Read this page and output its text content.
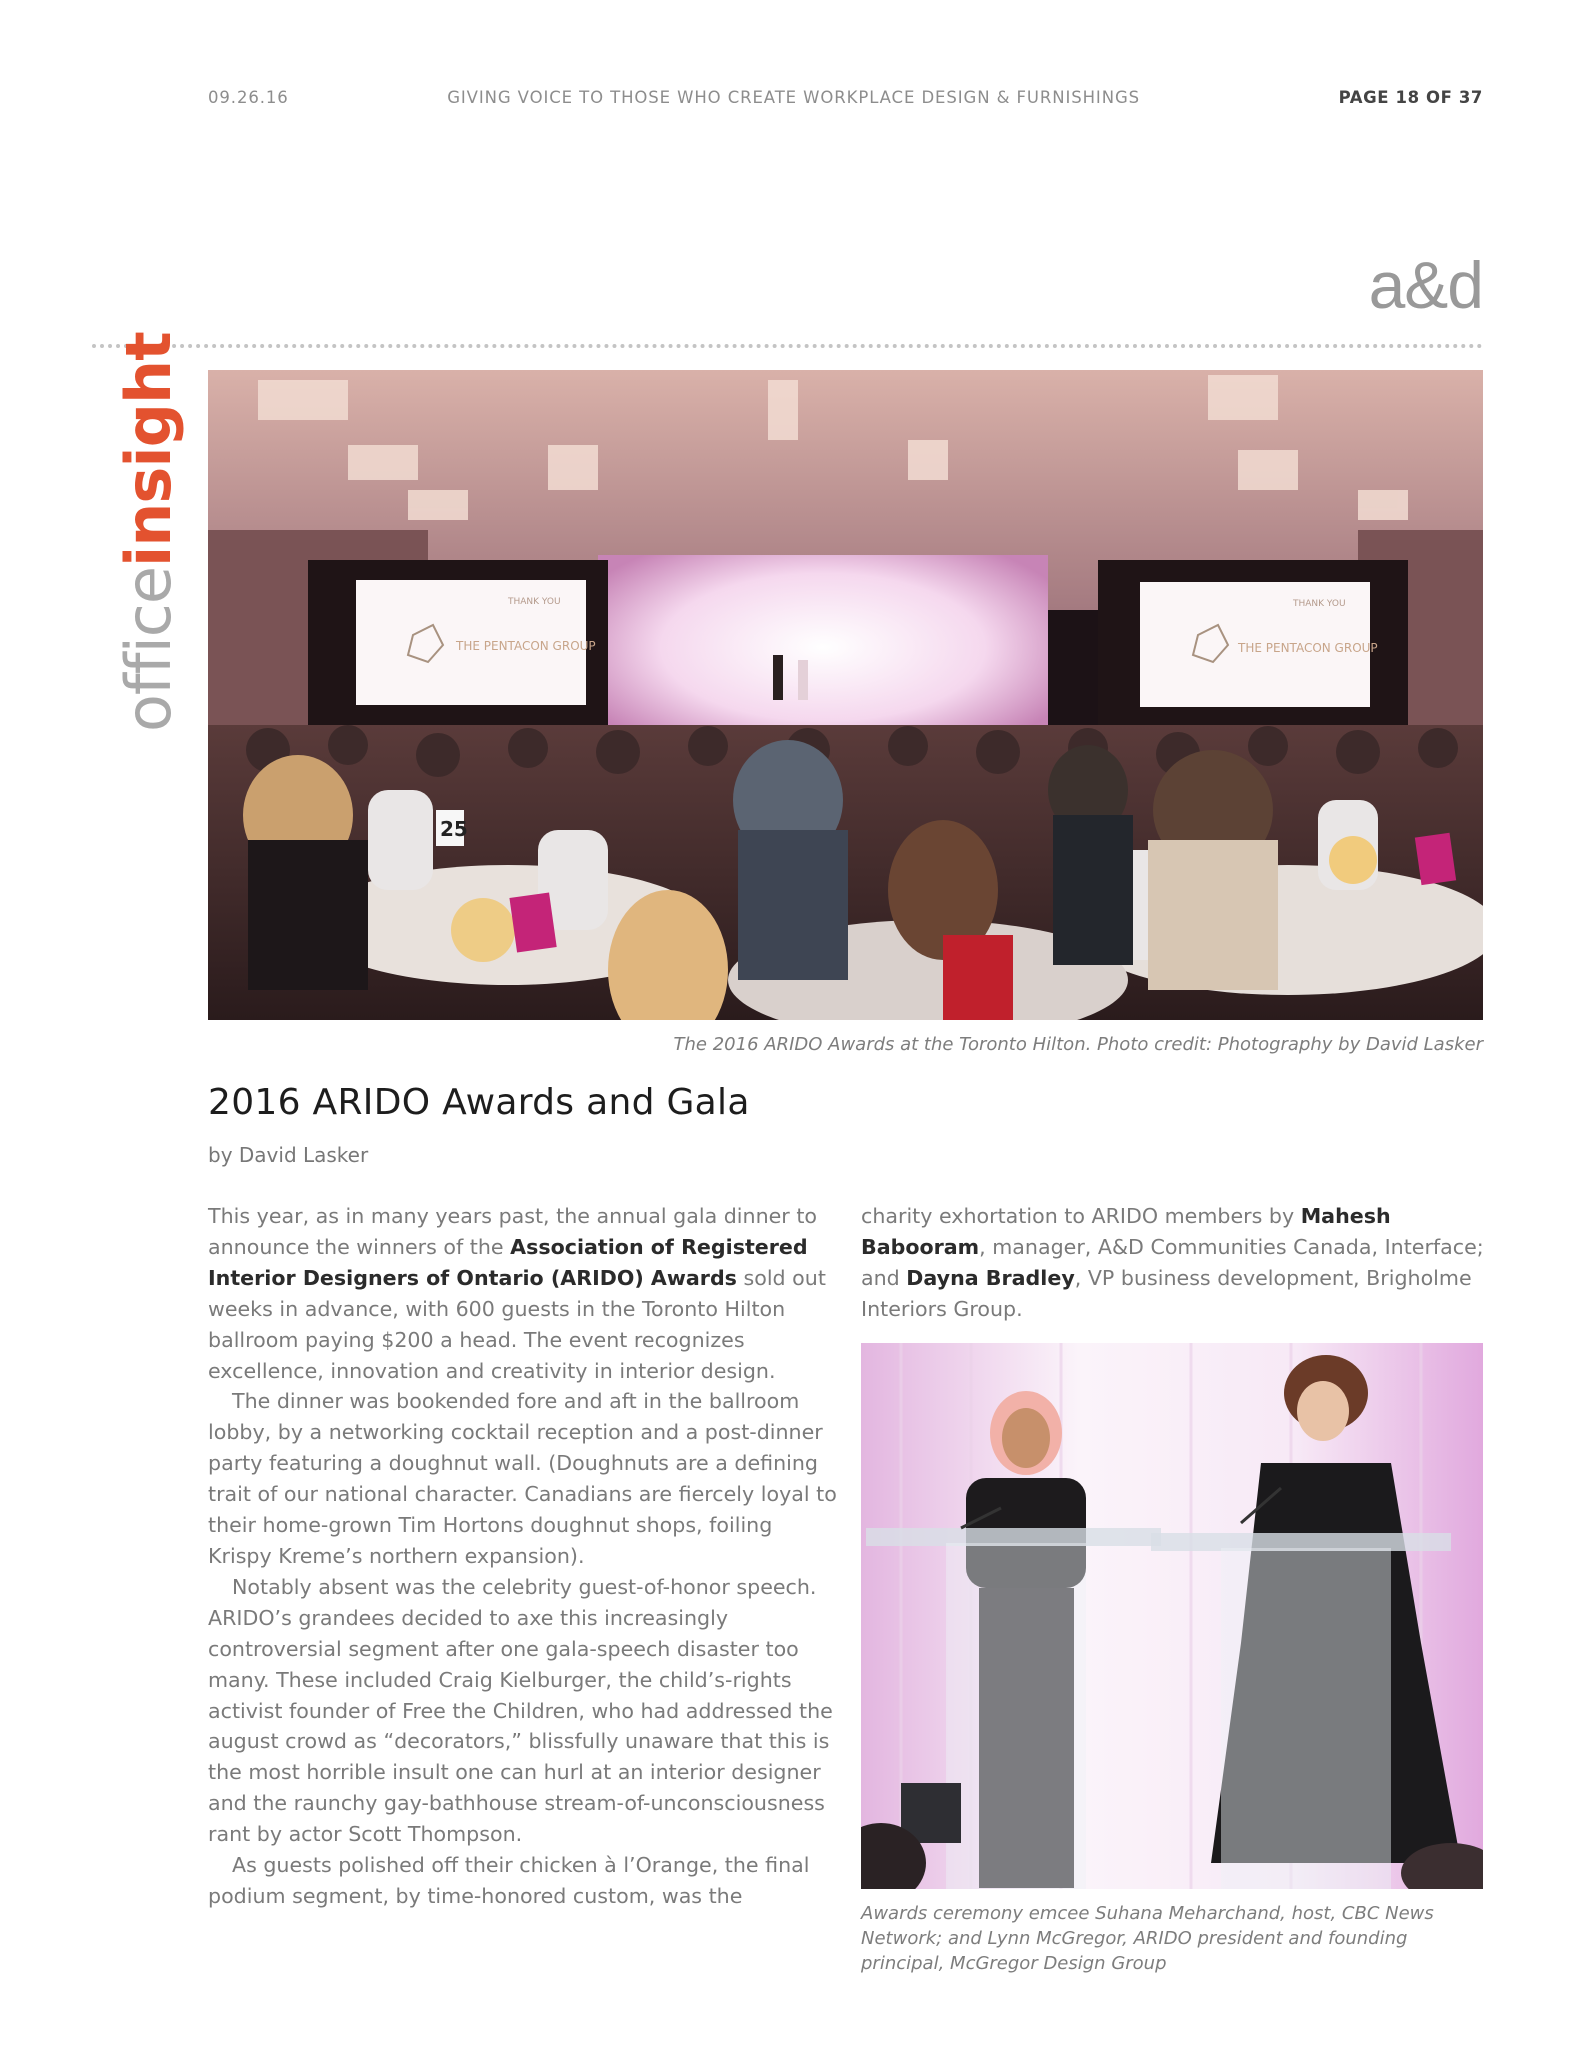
09.26.16	GIVING VOICE TO THOSE WHO CREATE WORKPLACE DESIGN & FURNISHINGS	PAGE 18 OF 37
a&d
officeinsight
THANK YOU	THANK YOU
THE PENTACON GROUP	THE PENTACON GROUP
25
The 2016 ARIDO Awards at the Toronto Hilton. Photo credit: Photography by David Lasker
2016 ARIDO Awards and Gala
by David Lasker

This year, as in many years past, the annual gala dinner to announce the winners of the Association of Registered Interior Designers of Ontario (ARIDO) Awards sold out weeks in advance, with 600 guests in the Toronto Hilton ballroom paying $200 a head. The event recognizes excellence, innovation and creativity in interior design.

The dinner was bookended fore and aft in the ballroom lobby, by a networking cocktail reception and a post-dinner party featuring a doughnut wall. (Doughnuts are a defining trait of our national character. Canadians are fiercely loyal to their home-grown Tim Hortons doughnut shops, foiling Krispy Kreme’s northern expansion).

Notably absent was the celebrity guest-of-honor speech. ARIDO’s grandees decided to axe this increasingly controversial segment after one gala-speech disaster too many. These included Craig Kielburger, the child’s-rights activist founder of Free the Children, who had addressed the august crowd as “decorators,” blissfully unaware that this is the most horrible insult one can hurl at an interior designer and the raunchy gay-bathhouse stream-of-unconsciousness rant by actor Scott Thompson.

As guests polished off their chicken à l’Orange, the final podium segment, by time-honored custom, was the

charity exhortation to ARIDO members by Mahesh Babooram, manager, A&D Communities Canada, Interface; and Dayna Bradley, VP business development, Brigholme Interiors Group.

Awards ceremony emcee Suhana Meharchand, host, CBC News Network; and Lynn McGregor, ARIDO president and founding principal, McGregor Design Group
